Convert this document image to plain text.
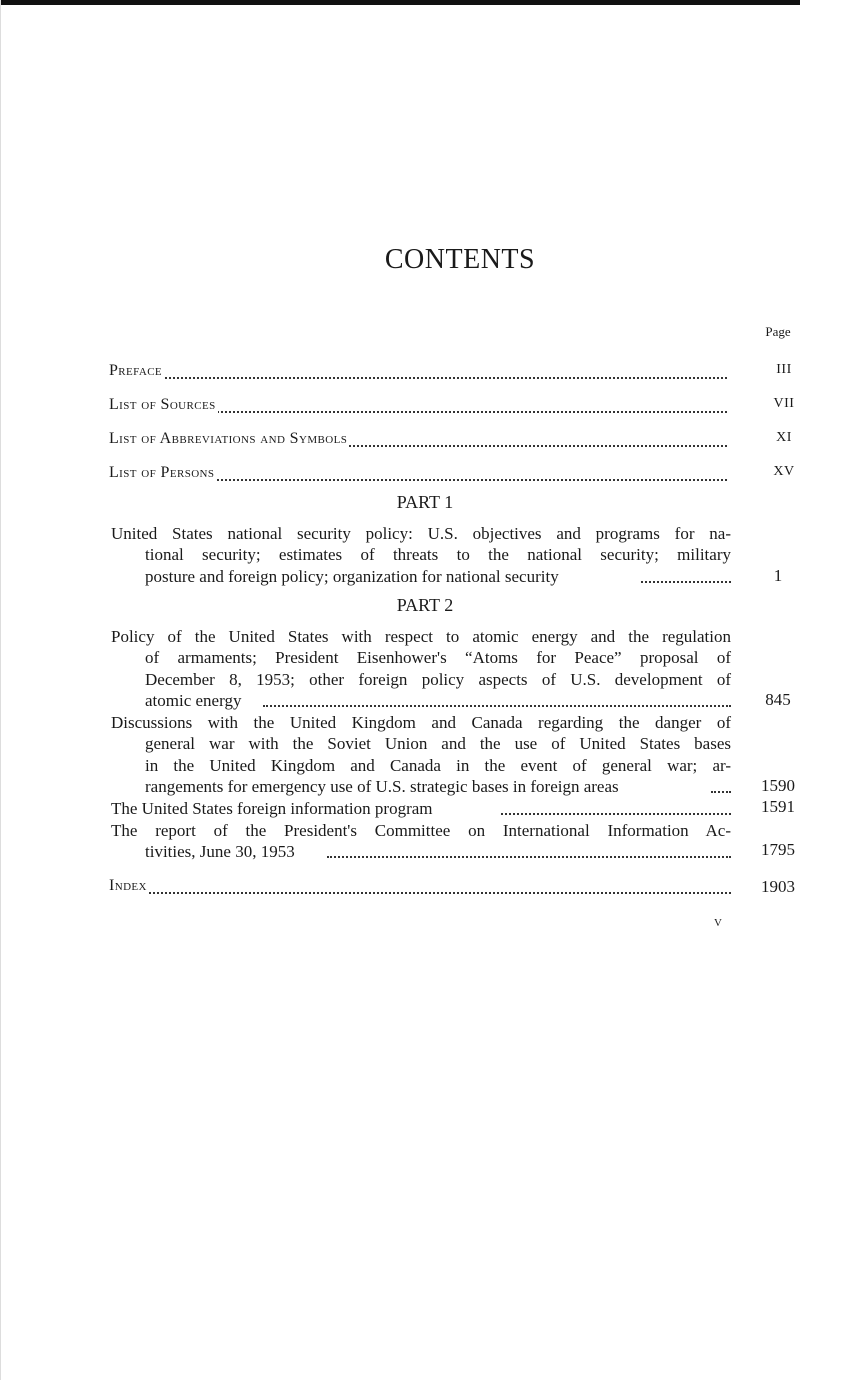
CONTENTS
Page
Preface	III
List of Sources	VII
List of Abbreviations and Symbols	XI
List of Persons	XV
PART 1
United States national security policy: U.S. objectives and programs for na-
tional security; estimates of threats to the national security; military
posture and foreign policy; organization for national security	1
PART 2
Policy of the United States with respect to atomic energy and the regulation
of armaments; President Eisenhower's “Atoms for Peace” proposal of
December 8, 1953; other foreign policy aspects of U.S. development of
atomic energy	845
Discussions with the United Kingdom and Canada regarding the danger of
general war with the Soviet Union and the use of United States bases
in the United Kingdom and Canada in the event of general war; ar-
rangements for emergency use of U.S. strategic bases in foreign areas	1590
The United States foreign information program	1591
The report of the President's Committee on International Information Ac-
tivities, June 30, 1953	1795
Index	1903
v
